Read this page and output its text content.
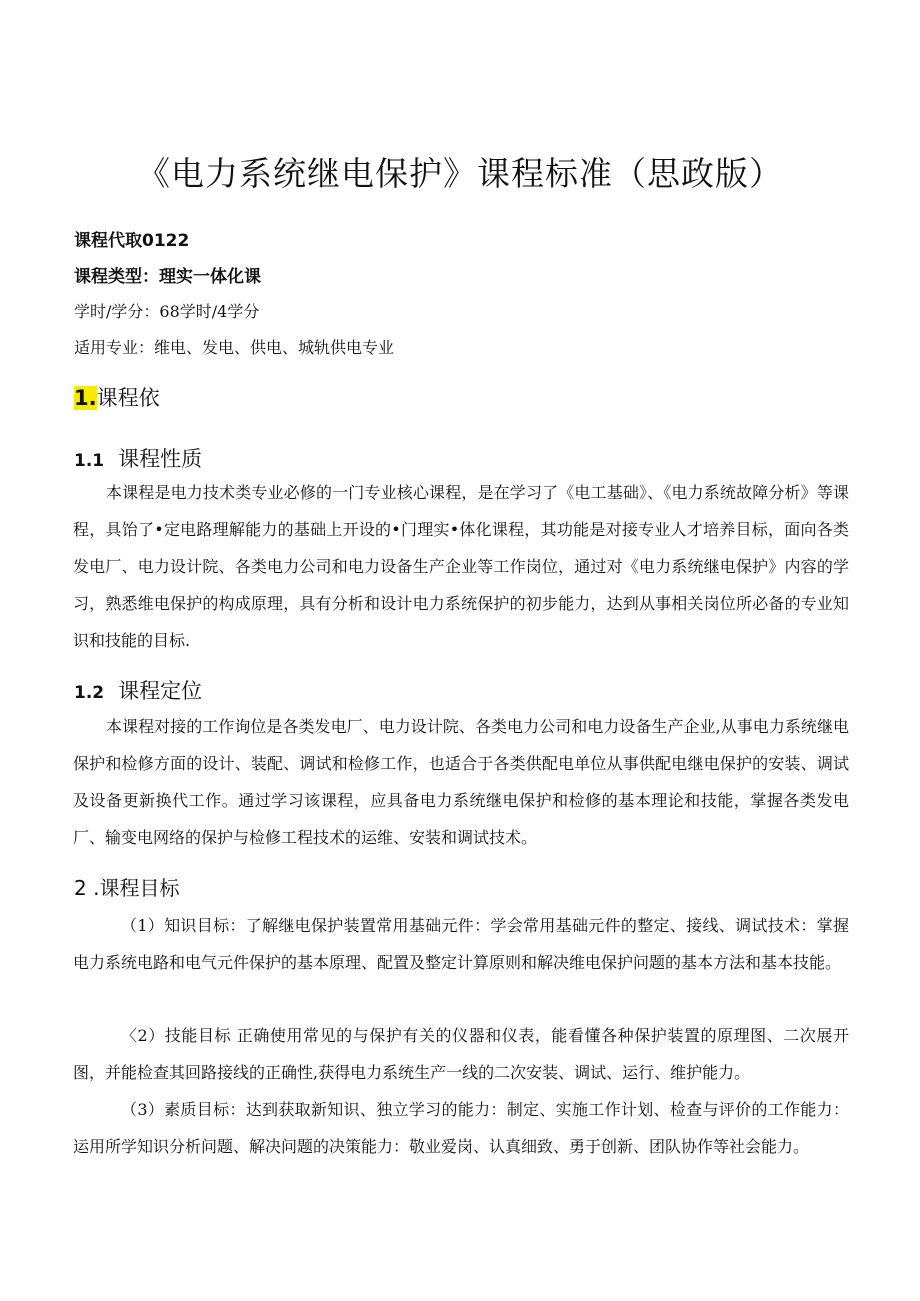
《电力系统继电保护》课程标准（思政版）
课程代取0122
课程类型：理实一体化课
学时/学分：68学时/4学分
适用专业：维电、发电、供电、城轨供电专业
1.课程依
1.1 课程性质

本课程是电力技术类专业必修的一门专业核心课程，是在学习了《电工基础》、《电力系统故障分析》等课程，具饴了•定电路理解能力的基础上开设的•门理实•体化课程，其功能是对接专业人才培养目标，面向各类发电厂、电力设计院、各类电力公司和电力设备生产企业等工作岗位，通过对《电力系统继电保护》内容的学习，熟悉维电保护的构成原理，具有分析和设计电力系统保护的初步能力，达到从事相关岗位所必备的专业知识和技能的目标.

1.2 课程定位

本课程对接的工作询位是各类发电厂、电力设计院、各类电力公司和电力设备生产企业,从事电力系统继电保护和检修方面的设计、装配、调试和检修工作，也适合于各类供配电单位从事供配电继电保护的安装、调试及设备更新换代工作。通过学习该课程，应具备电力系统继电保护和检修的基本理论和技能，掌握各类发电厂、输变电网络的保护与检修工程技术的运维、安装和调试技术。

2 .课程目标

（1）知识目标：了解继电保护装置常用基础元件：学会常用基础元件的整定、接线、调试技术：掌握电力系统电路和电气元件保护的基本原理、配置及整定计算原则和解决维电保护问题的基本方法和基本技能。

〈2）技能目标 正确使用常见的与保护有关的仪器和仪表，能看懂各种保护装置的原理图、二次展开图，并能检查其回路接线的正确性,获得电力系统生产一线的二次安装、调试、运行、维护能力。

（3）素质目标：达到获取新知识、独立学习的能力：制定、实施工作计划、检查与评价的工作能力：运用所学知识分析问题、解决问题的决策能力：敬业爱岗、认真细致、勇于创新、团队协作等社会能力。
